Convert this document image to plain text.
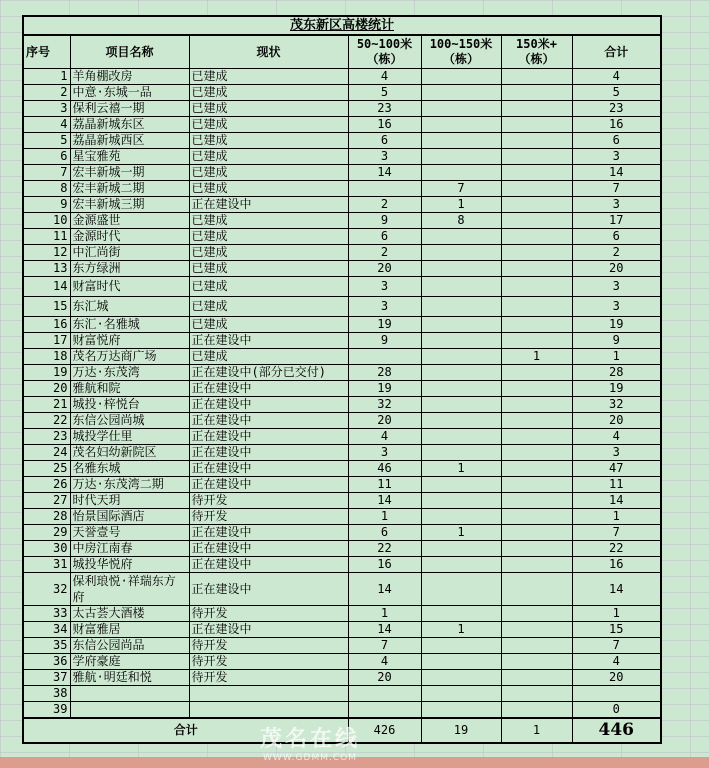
茂东新区高楼统计						
序号	项目名称	现状	50~100米（栋）	100~150米（栋）	150米+（栋）	合计
1	羊角棚改房	已建成	4			4
2	中意·东城一品	已建成	5			5
3	保利云禧一期	已建成	23			23
4	荔晶新城东区	已建成	16			16
5	荔晶新城西区	已建成	6			6
6	星宝雅苑	已建成	3			3
7	宏丰新城一期	已建成	14			14
8	宏丰新城二期	已建成		7		7
9	宏丰新城三期	正在建设中	2	1		3
10	金源盛世	已建成	9	8		17
11	金源时代	已建成	6			6
12	中汇尚街	已建成	2			2
13	东方绿洲	已建成	20			20
14	财富时代	已建成	3			3
15	东汇城	已建成	3			3
16	东汇·名雅城	已建成	19			19
17	财富悦府	正在建设中	9			9
18	茂名万达商广场	已建成			1	1
19	万达·东茂湾	正在建设中(部分已交付)	28			28
20	雅航和院	正在建设中	19			19
21	城投·梓悦台	正在建设中	32			32
22	东信公园尚城	正在建设中	20			20
23	城投学仕里	正在建设中	4			4
24	茂名妇幼新院区	正在建设中	3			3
25	名雅东城	正在建设中	46	1		47
26	万达·东茂湾二期	正在建设中	11			11
27	时代天玥	待开发	14			14
28	怡景国际酒店	待开发	1			1
29	天誉壹号	正在建设中	6	1		7
30	中房江南春	正在建设中	22			22
31	城投华悦府	正在建设中	16			16
32	保利琅悦·祥瑞东方府	正在建设中	14			14
33	太古荟大酒楼	待开发	1			1
34	财富雅居	正在建设中	14	1		15
35	东信公园尚品	待开发	7			7
36	学府豪庭	待开发	4			4
37	雅航·明廷和悦	待开发	20			20
38						
39						0
合计			426	19	1	446
茂名在线
WWW.GDMM.COM
